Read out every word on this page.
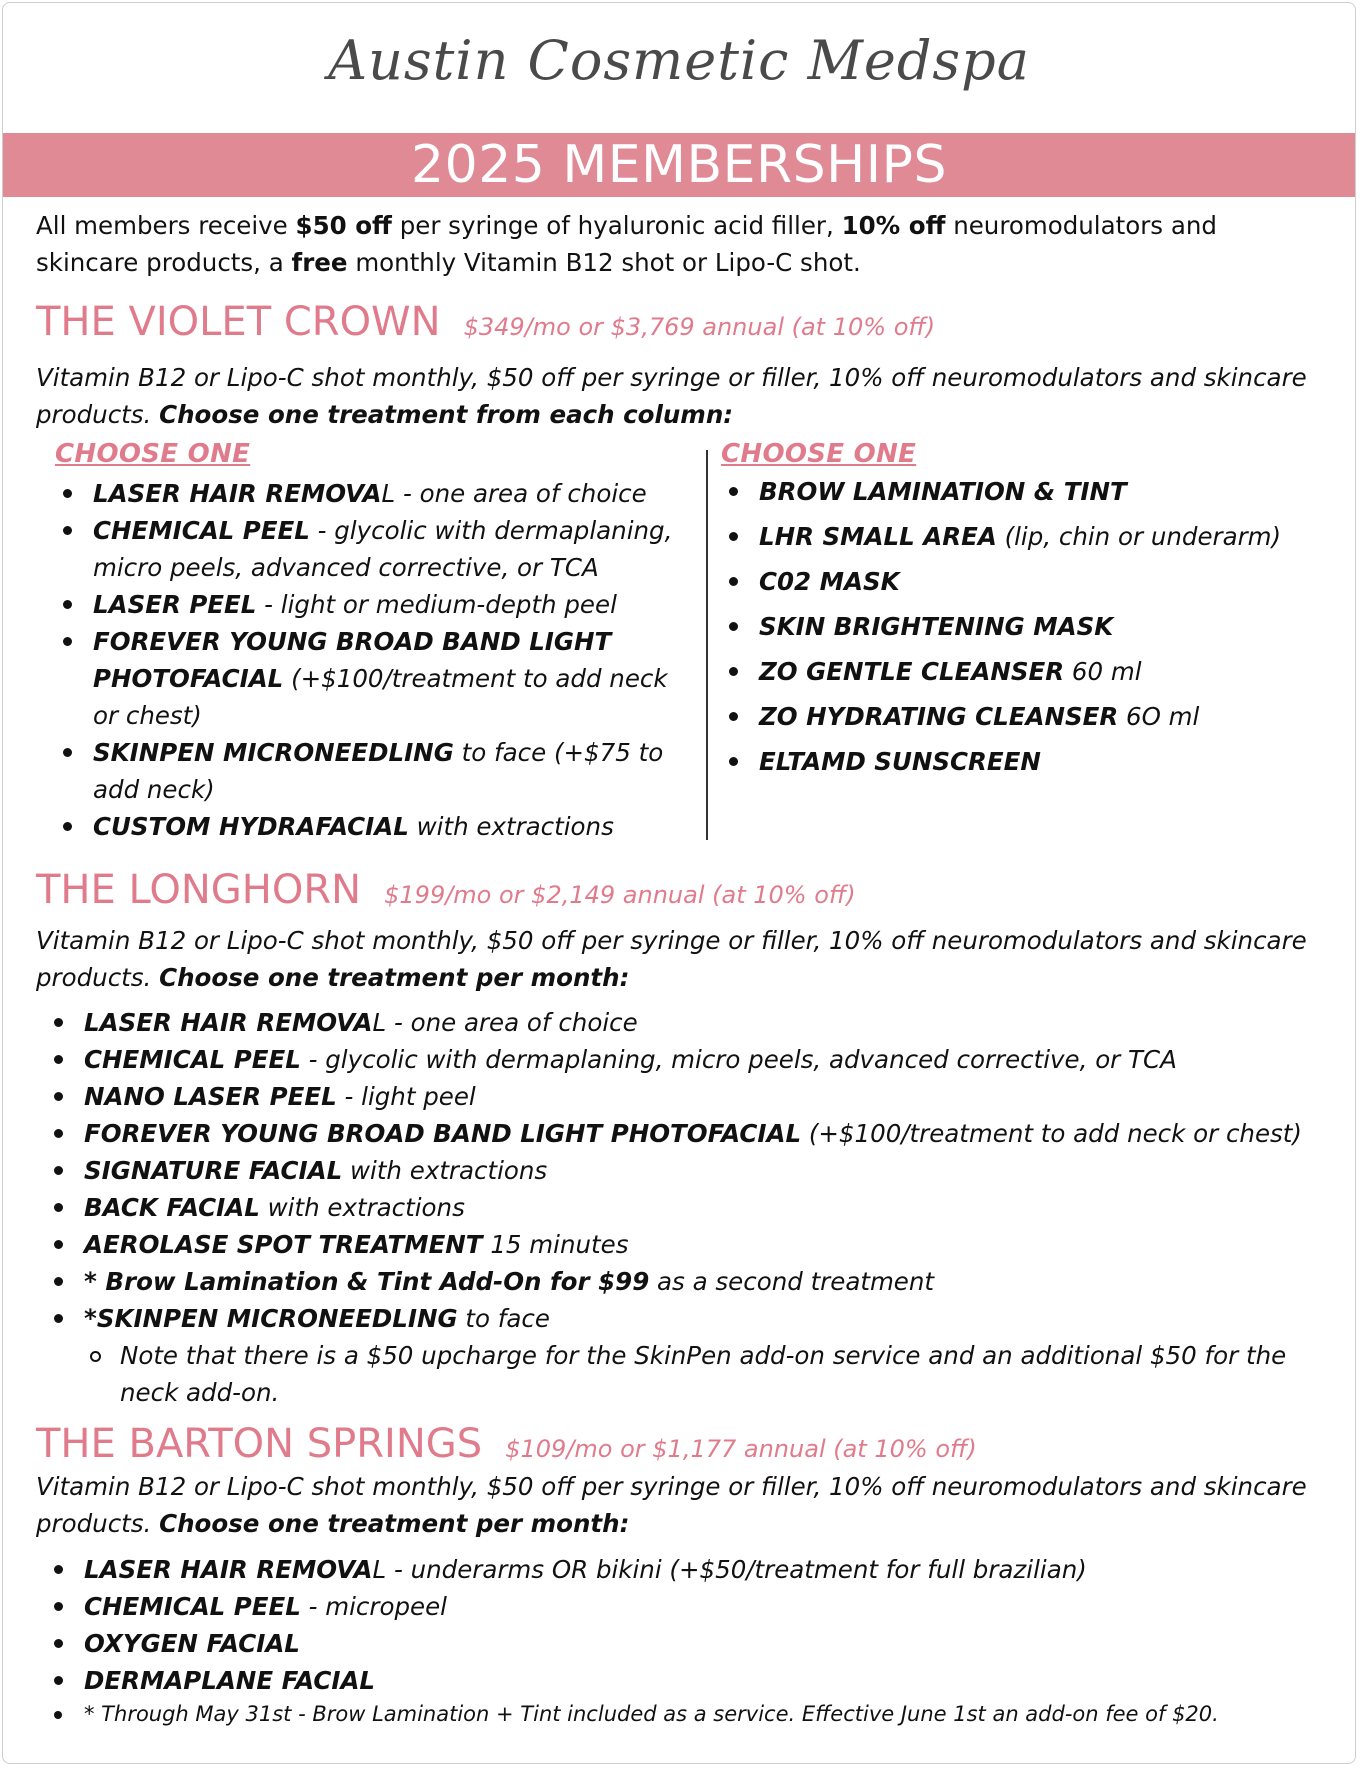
Austin Cosmetic Medspa
2025 MEMBERSHIPS
All members receive $50 off per syringe of hyaluronic acid filler, 10% off neuromodulators and skincare products, a free monthly Vitamin B12 shot or Lipo-C shot.
THE VIOLET CROWN $349/mo or $3,769 annual (at 10% off)
Vitamin B12 or Lipo-C shot monthly, $50 off per syringe or filler, 10% off neuromodulators and skincare products. Choose one treatment from each column:
CHOOSE ONE	CHOOSE ONE
LASER HAIR REMOVAL - one area of choice
CHEMICAL PEEL - glycolic with dermaplaning, micro peels, advanced corrective, or TCA
LASER PEEL - light or medium-depth peel
FOREVER YOUNG BROAD BAND LIGHT PHOTOFACIAL (+$100/treatment to add neck or chest)
SKINPEN MICRONEEDLING to face (+$75 to add neck)
CUSTOM HYDRAFACIAL with extractions
BROW LAMINATION & TINT
LHR SMALL AREA (lip, chin or underarm)
C02 MASK
SKIN BRIGHTENING MASK
ZO GENTLE CLEANSER 60 ml
ZO HYDRATING CLEANSER 6O ml
ELTAMD SUNSCREEN
THE LONGHORN $199/mo or $2,149 annual (at 10% off)
Vitamin B12 or Lipo-C shot monthly, $50 off per syringe or filler, 10% off neuromodulators and skincare products. Choose one treatment per month:
LASER HAIR REMOVAL - one area of choice
CHEMICAL PEEL - glycolic with dermaplaning, micro peels, advanced corrective, or TCA
NANO LASER PEEL - light peel
FOREVER YOUNG BROAD BAND LIGHT PHOTOFACIAL (+$100/treatment to add neck or chest)
SIGNATURE FACIAL with extractions
BACK FACIAL with extractions
AEROLASE SPOT TREATMENT 15 minutes
* Brow Lamination & Tint Add-On for $99 as a second treatment
*SKINPEN MICRONEEDLING to face
Note that there is a $50 upcharge for the SkinPen add-on service and an additional $50 for the neck add-on.
THE BARTON SPRINGS $109/mo or $1,177 annual (at 10% off)
Vitamin B12 or Lipo-C shot monthly, $50 off per syringe or filler, 10% off neuromodulators and skincare products. Choose one treatment per month:
LASER HAIR REMOVAL - underarms OR bikini (+$50/treatment for full brazilian)
CHEMICAL PEEL - micropeel
OXYGEN FACIAL
DERMAPLANE FACIAL
* Through May 31st - Brow Lamination + Tint included as a service. Effective June 1st an add-on fee of $20.
